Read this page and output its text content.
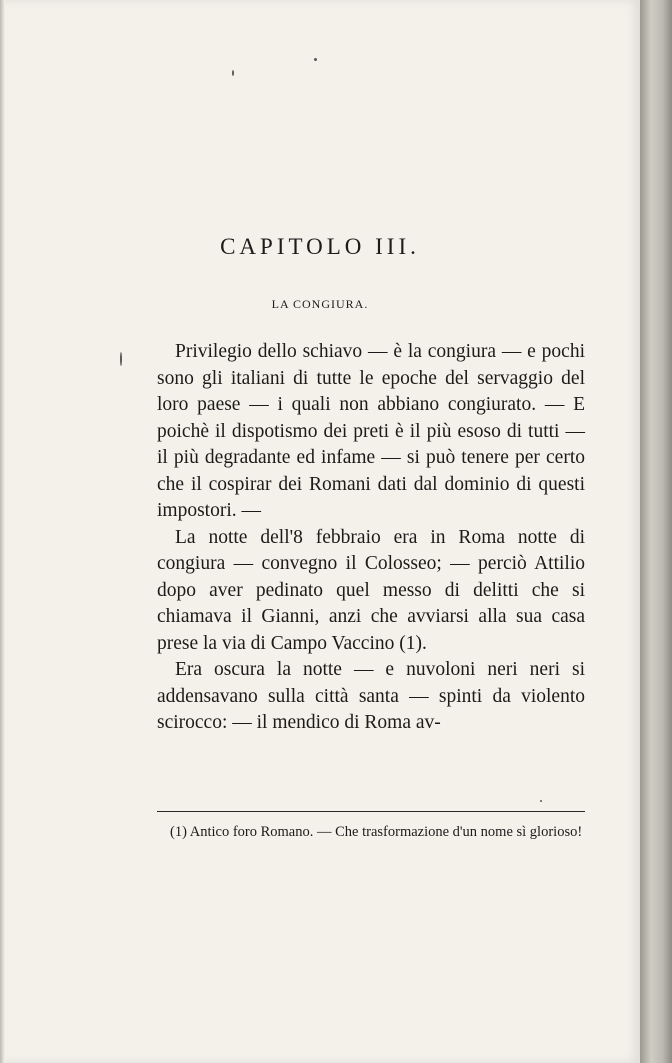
CAPITOLO III.
LA CONGIURA.

Privilegio dello schiavo — è la congiura — e pochi sono gli italiani di tutte le epoche del servaggio del loro paese — i quali non abbiano congiurato. — E poichè il dispotismo dei preti è il più esoso di tutti — il più degradante ed infame — si può tenere per certo che il cospirar dei Romani dati dal dominio di questi impostori. —

La notte dell'8 febbraio era in Roma notte di congiura — convegno il Colosseo; — perciò Attilio dopo aver pedinato quel messo di delitti che si chiamava il Gianni, anzi che avviarsi alla sua casa prese la via di Campo Vaccino (1).

Era oscura la notte — e nuvoloni neri neri si addensavano sulla città santa — spinti da violento scirocco: — il mendico di Roma av-

(1) Antico foro Romano. — Che trasformazione d'un nome sì glorioso!
